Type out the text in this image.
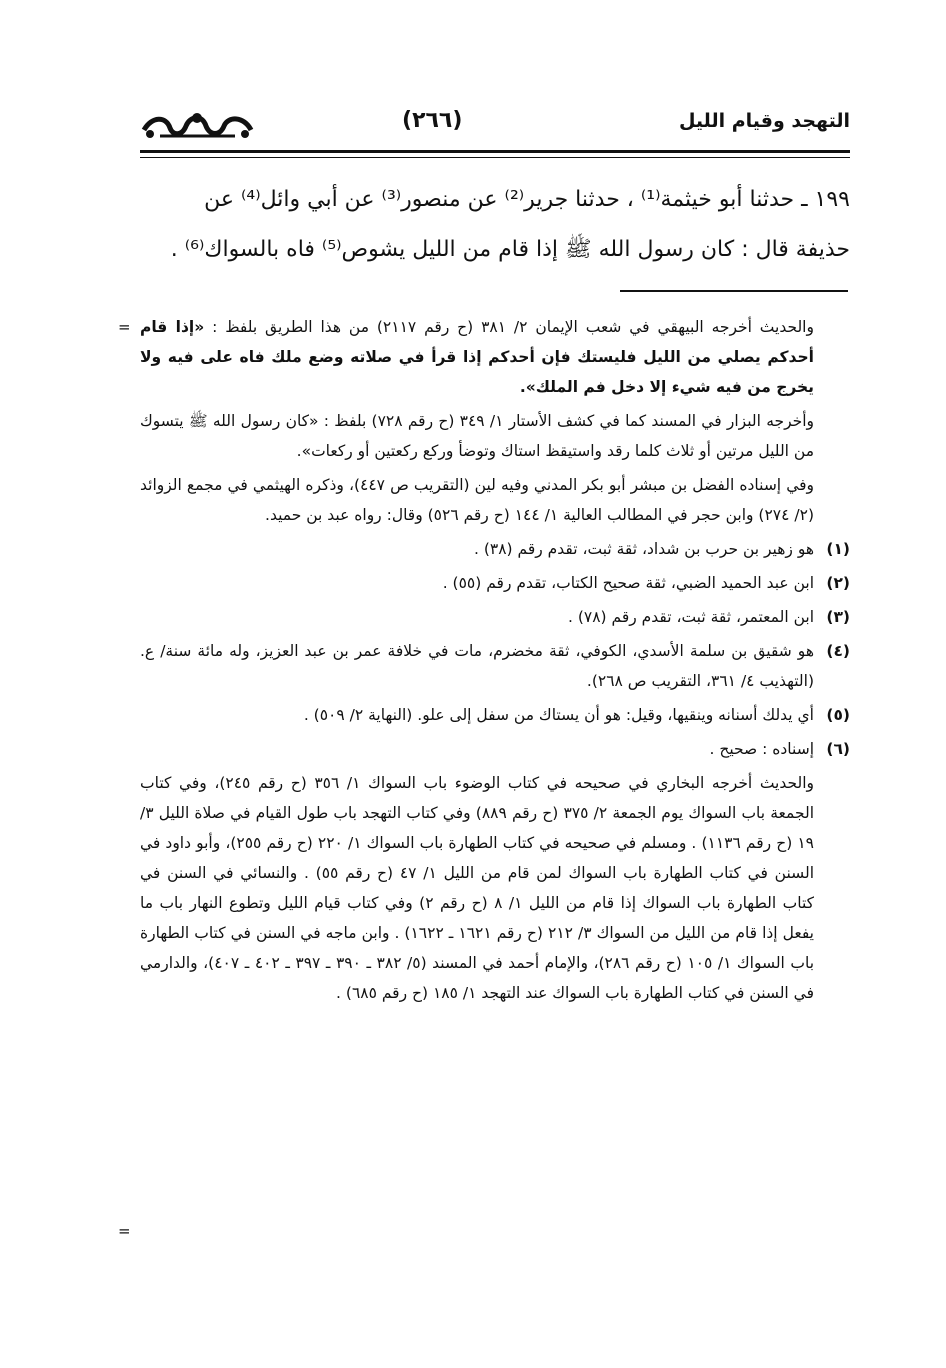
التهجد وقيام الليل
(٢٦٦)

١٩٩ ـ حدثنا أبو خيثمة⁽¹⁾ ، حدثنا جرير⁽²⁾ عن منصور⁽³⁾ عن أبي وائل⁽⁴⁾ عن

حذيفة قال : كان رسول الله ﷺ إذا قام من الليل يشوص⁽⁵⁾ فاه بالسواك⁽⁶⁾ .

=	والحديث أخرجه البيهقي في شعب الإيمان ٢/ ٣٨١ (ح رقم ٢١١٧) من هذا الطريق بلفظ : «إذا قام أحدكم يصلي من الليل فليستك فإن أحدكم إذا قرأ في صلاته وضع ملك فاه على فيه ولا يخرج من فيه شيء إلا دخل فم الملك».
وأخرجه البزار في المسند كما في كشف الأستار ١/ ٣٤٩ (ح رقم ٧٢٨) بلفظ : «كان رسول الله ﷺ يتسوك من الليل مرتين أو ثلاث كلما رقد واستيقظ استاك وتوضأ وركع ركعتين أو ركعات».
وفي إسناده الفضل بن مبشر أبو بكر المدني وفيه لين (التقريب ص ٤٤٧)، وذكره الهيثمي في مجمع الزوائد (٢/ ٢٧٤) وابن حجر في المطالب العالية ١/ ١٤٤ (ح رقم ٥٢٦) وقال: رواه عبد بن حميد.
(١)
هو زهير بن حرب بن شداد، ثقة ثبت، تقدم رقم (٣٨) .
(٢)
ابن عبد الحميد الضبي، ثقة صحيح الكتاب، تقدم رقم (٥٥) .
(٣)
ابن المعتمر، ثقة ثبت، تقدم رقم (٧٨) .
(٤)
هو شقيق بن سلمة الأسدي، الكوفي، ثقة مخضرم، مات في خلافة عمر بن عبد العزيز، وله مائة سنة/ ع. (التهذيب ٤/ ٣٦١، التقريب ص ٢٦٨).
(٥)
أي يدلك أسنانه وينقيها، وقيل: هو أن يستاك من سفل إلى علو. (النهاية ٢/ ٥٠٩) .
(٦)
إسناده : صحيح .
والحديث أخرجه البخاري في صحيحه في كتاب الوضوء باب السواك ١/ ٣٥٦ (ح رقم ٢٤٥)، وفي كتاب الجمعة باب السواك يوم الجمعة ٢/ ٣٧٥ (ح رقم ٨٨٩) وفي كتاب التهجد باب طول القيام في صلاة الليل ٣/ ١٩ (ح رقم ١١٣٦) . ومسلم في صحيحه في كتاب الطهارة باب السواك ١/ ٢٢٠ (ح رقم ٢٥٥)، وأبو داود في السنن في كتاب الطهارة باب السواك لمن قام من الليل ١/ ٤٧ (ح رقم ٥٥) . والنسائي في السنن في كتاب الطهارة باب السواك إذا قام من الليل ١/ ٨ (ح رقم ٢) وفي كتاب قيام الليل وتطوع النهار باب ما يفعل إذا قام من الليل من السواك ٣/ ٢١٢ (ح رقم ١٦٢١ ـ ١٦٢٢) . وابن ماجه في السنن في كتاب الطهارة باب السواك ١/ ١٠٥ (ح رقم ٢٨٦)، والإمام أحمد في المسند (٥/ ٣٨٢ ـ ٣٩٠ ـ ٣٩٧ ـ ٤٠٢ ـ ٤٠٧)، والدارمي في السنن في كتاب الطهارة باب السواك عند التهجد ١/ ١٨٥ (ح رقم ٦٨٥) .
=
